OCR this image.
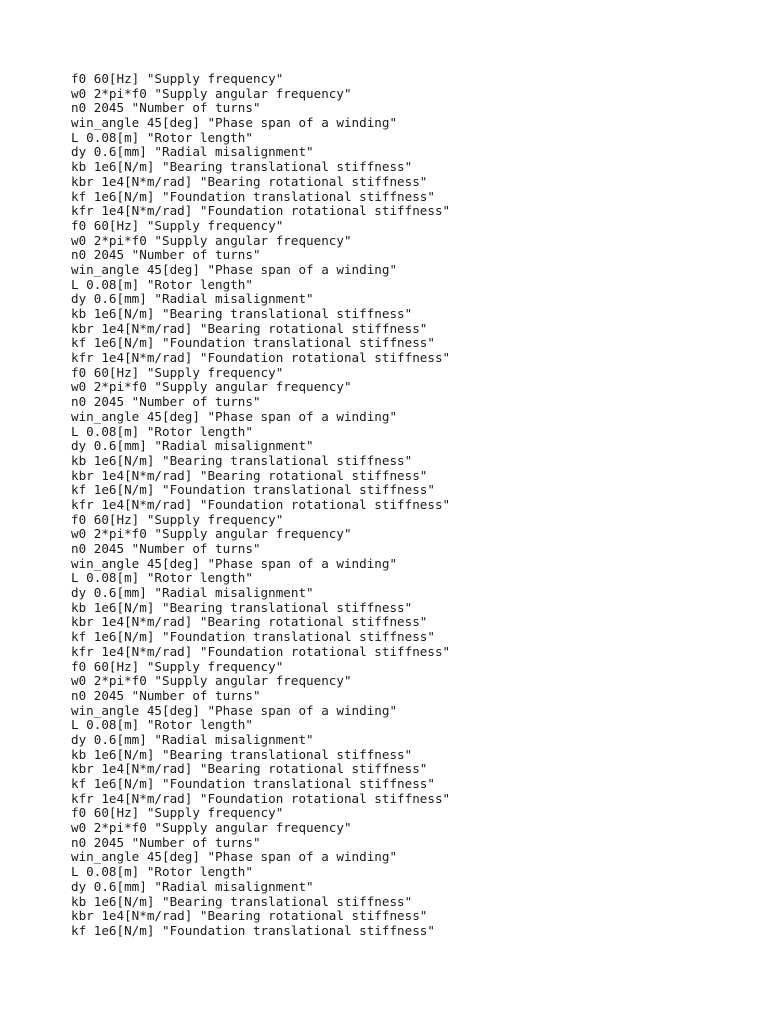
f0 60[Hz] "Supply frequency"
w0 2*pi*f0 "Supply angular frequency"
n0 2045 "Number of turns"
win_angle 45[deg] "Phase span of a winding"
L 0.08[m] "Rotor length"
dy 0.6[mm] "Radial misalignment"
kb 1e6[N/m] "Bearing translational stiffness"
kbr 1e4[N*m/rad] "Bearing rotational stiffness"
kf 1e6[N/m] "Foundation translational stiffness"
kfr 1e4[N*m/rad] "Foundation rotational stiffness"
f0 60[Hz] "Supply frequency"
w0 2*pi*f0 "Supply angular frequency"
n0 2045 "Number of turns"
win_angle 45[deg] "Phase span of a winding"
L 0.08[m] "Rotor length"
dy 0.6[mm] "Radial misalignment"
kb 1e6[N/m] "Bearing translational stiffness"
kbr 1e4[N*m/rad] "Bearing rotational stiffness"
kf 1e6[N/m] "Foundation translational stiffness"
kfr 1e4[N*m/rad] "Foundation rotational stiffness"
f0 60[Hz] "Supply frequency"
w0 2*pi*f0 "Supply angular frequency"
n0 2045 "Number of turns"
win_angle 45[deg] "Phase span of a winding"
L 0.08[m] "Rotor length"
dy 0.6[mm] "Radial misalignment"
kb 1e6[N/m] "Bearing translational stiffness"
kbr 1e4[N*m/rad] "Bearing rotational stiffness"
kf 1e6[N/m] "Foundation translational stiffness"
kfr 1e4[N*m/rad] "Foundation rotational stiffness"
f0 60[Hz] "Supply frequency"
w0 2*pi*f0 "Supply angular frequency"
n0 2045 "Number of turns"
win_angle 45[deg] "Phase span of a winding"
L 0.08[m] "Rotor length"
dy 0.6[mm] "Radial misalignment"
kb 1e6[N/m] "Bearing translational stiffness"
kbr 1e4[N*m/rad] "Bearing rotational stiffness"
kf 1e6[N/m] "Foundation translational stiffness"
kfr 1e4[N*m/rad] "Foundation rotational stiffness"
f0 60[Hz] "Supply frequency"
w0 2*pi*f0 "Supply angular frequency"
n0 2045 "Number of turns"
win_angle 45[deg] "Phase span of a winding"
L 0.08[m] "Rotor length"
dy 0.6[mm] "Radial misalignment"
kb 1e6[N/m] "Bearing translational stiffness"
kbr 1e4[N*m/rad] "Bearing rotational stiffness"
kf 1e6[N/m] "Foundation translational stiffness"
kfr 1e4[N*m/rad] "Foundation rotational stiffness"
f0 60[Hz] "Supply frequency"
w0 2*pi*f0 "Supply angular frequency"
n0 2045 "Number of turns"
win_angle 45[deg] "Phase span of a winding"
L 0.08[m] "Rotor length"
dy 0.6[mm] "Radial misalignment"
kb 1e6[N/m] "Bearing translational stiffness"
kbr 1e4[N*m/rad] "Bearing rotational stiffness"
kf 1e6[N/m] "Foundation translational stiffness"
